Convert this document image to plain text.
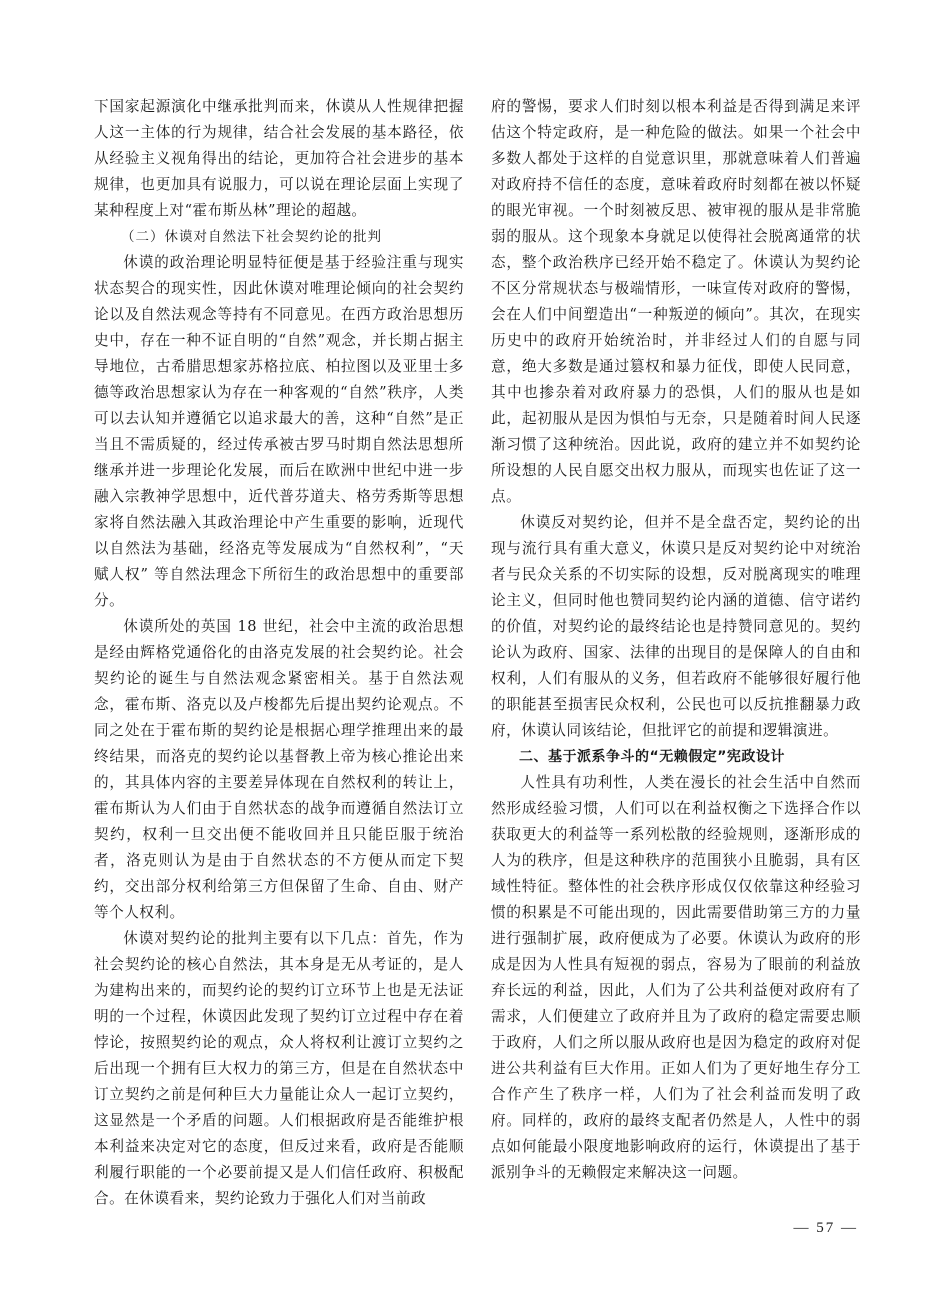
下国家起源演化中继承批判而来，休谟从人性规律把握人这一主体的行为规律，结合社会发展的基本路径，依从经验主义视角得出的结论，更加符合社会进步的基本规律，也更加具有说服力，可以说在理论层面上实现了某种程度上对“霍布斯丛林”理论的超越。

（二）休谟对自然法下社会契约论的批判

休谟的政治理论明显特征便是基于经验注重与现实状态契合的现实性，因此休谟对唯理论倾向的社会契约论以及自然法观念等持有不同意见。在西方政治思想历史中，存在一种不证自明的“自然”观念，并长期占据主导地位，古希腊思想家苏格拉底、柏拉图以及亚里士多德等政治思想家认为存在一种客观的“自然”秩序，人类可以去认知并遵循它以追求最大的善，这种“自然”是正当且不需质疑的，经过传承被古罗马时期自然法思想所继承并进一步理论化发展，而后在欧洲中世纪中进一步融入宗教神学思想中，近代普芬道夫、格劳秀斯等思想家将自然法融入其政治理论中产生重要的影响，近现代以自然法为基础，经洛克等发展成为“自然权利”，“天赋人权” 等自然法理念下所衍生的政治思想中的重要部分。

休谟所处的英国 18 世纪，社会中主流的政治思想是经由辉格党通俗化的由洛克发展的社会契约论。社会契约论的诞生与自然法观念紧密相关。基于自然法观念，霍布斯、洛克以及卢梭都先后提出契约论观点。不同之处在于霍布斯的契约论是根据心理学推理出来的最终结果，而洛克的契约论以基督教上帝为核心推论出来的，其具体内容的主要差异体现在自然权利的转让上，霍布斯认为人们由于自然状态的战争而遵循自然法订立契约，权利一旦交出便不能收回并且只能臣服于统治者，洛克则认为是由于自然状态的不方便从而定下契约，交出部分权利给第三方但保留了生命、自由、财产等个人权利。

休谟对契约论的批判主要有以下几点：首先，作为社会契约论的核心自然法，其本身是无从考证的，是人为建构出来的，而契约论的契约订立环节上也是无法证明的一个过程，休谟因此发现了契约订立过程中存在着悖论，按照契约论的观点，众人将权利让渡订立契约之后出现一个拥有巨大权力的第三方，但是在自然状态中订立契约之前是何种巨大力量能让众人一起订立契约，这显然是一个矛盾的问题。人们根据政府是否能维护根本利益来决定对它的态度，但反过来看，政府是否能顺利履行职能的一个必要前提又是人们信任政府、积极配合。在休谟看来，契约论致力于强化人们对当前政

府的警惕，要求人们时刻以根本利益是否得到满足来评估这个特定政府，是一种危险的做法。如果一个社会中多数人都处于这样的自觉意识里，那就意味着人们普遍对政府持不信任的态度，意味着政府时刻都在被以怀疑的眼光审视。一个时刻被反思、被审视的服从是非常脆弱的服从。这个现象本身就足以使得社会脱离通常的状态，整个政治秩序已经开始不稳定了。休谟认为契约论不区分常规状态与极端情形，一味宣传对政府的警惕，会在人们中间塑造出“一种叛逆的倾向”。其次，在现实历史中的政府开始统治时，并非经过人们的自愿与同意，绝大多数是通过篡权和暴力征伐，即使人民同意，其中也掺杂着对政府暴力的恐惧，人们的服从也是如此，起初服从是因为惧怕与无奈，只是随着时间人民逐渐习惯了这种统治。因此说，政府的建立并不如契约论所设想的人民自愿交出权力服从，而现实也佐证了这一点。

休谟反对契约论，但并不是全盘否定，契约论的出现与流行具有重大意义，休谟只是反对契约论中对统治者与民众关系的不切实际的设想，反对脱离现实的唯理论主义，但同时他也赞同契约论内涵的道德、信守诺约的价值，对契约论的最终结论也是持赞同意见的。契约论认为政府、国家、法律的出现目的是保障人的自由和权利，人们有服从的义务，但若政府不能够很好履行他的职能甚至损害民众权利，公民也可以反抗推翻暴力政府，休谟认同该结论，但批评它的前提和逻辑演进。

二、基于派系争斗的“无赖假定”宪政设计

人性具有功利性，人类在漫长的社会生活中自然而然形成经验习惯，人们可以在利益权衡之下选择合作以获取更大的利益等一系列松散的经验规则，逐渐形成的人为的秩序，但是这种秩序的范围狭小且脆弱，具有区域性特征。整体性的社会秩序形成仅仅依靠这种经验习惯的积累是不可能出现的，因此需要借助第三方的力量进行强制扩展，政府便成为了必要。休谟认为政府的形成是因为人性具有短视的弱点，容易为了眼前的利益放弃长远的利益，因此，人们为了公共利益便对政府有了需求，人们便建立了政府并且为了政府的稳定需要忠顺于政府，人们之所以服从政府也是因为稳定的政府对促进公共利益有巨大作用。正如人们为了更好地生存分工合作产生了秩序一样，人们为了社会利益而发明了政府。同样的，政府的最终支配者仍然是人，人性中的弱点如何能最小限度地影响政府的运行，休谟提出了基于派别争斗的无赖假定来解决这一问题。

— 57 —
